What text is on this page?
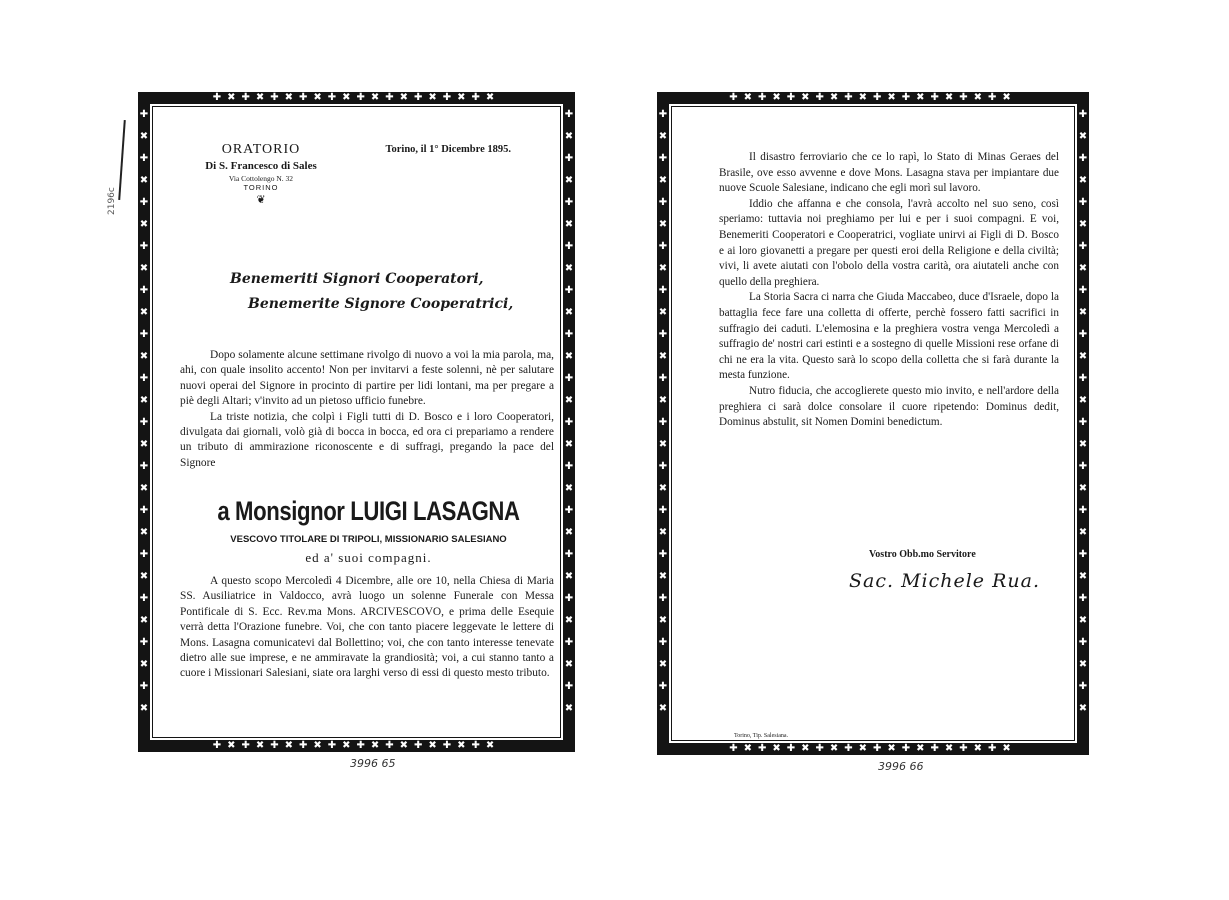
✚✖✚✖✚✖✚✖✚✖✚✖✚✖✚✖✚✖✚✖
✚✖✚✖✚✖✚✖✚✖✚✖✚✖✚✖✚✖✚✖
✚✖✚✖✚✖✚✖✚✖✚✖✚✖✚✖✚✖✚✖✚✖✚✖✚✖✚✖
✚✖✚✖✚✖✚✖✚✖✚✖✚✖✚✖✚✖✚✖✚✖✚✖✚✖✚✖
ORATORIO
Di S. Francesco di Sales
Via Cottolengo N. 32
TORINO
❦
Torino, il 1° Dicembre 1895.
Benemeriti Signori Cooperatori,
Benemerite Signore Cooperatrici,

Dopo solamente alcune settimane rivolgo di nuovo a voi la mia parola, ma, ahi, con quale insolito accento! Non per invitarvi a feste solenni, nè per salutare nuovi operai del Signore in procinto di partire per lidi lontani, ma per pregare a piè degli Altari; v'invito ad un pietoso ufficio funebre.

La triste notizia, che colpì i Figli tutti di D. Bosco e i loro Cooperatori, divulgata dai giornali, volò già di bocca in bocca, ed ora ci prepariamo a rendere un tributo di ammirazione riconoscente e di suffragi, pregando la pace del Signore

a Monsignor LUIGI LASAGNA
VESCOVO TITOLARE DI TRIPOLI, MISSIONARIO SALESIANO
ed a' suoi compagni.

A questo scopo Mercoledì 4 Dicembre, alle ore 10, nella Chiesa di Maria SS. Ausiliatrice in Valdocco, avrà luogo un solenne Funerale con Messa Pontificale di S. Ecc. Rev.ma Mons. ARCIVESCOVO, e prima delle Esequie verrà detta l'Orazione funebre. Voi, che con tanto piacere leggevate le lettere di Mons. Lasagna comunicatevi dal Bollettino; voi, che con tanto interesse tenevate dietro alle sue imprese, e ne ammiravate la grandiosità; voi, a cui stanno tanto a cuore i Missionari Salesiani, siate ora larghi verso di essi di questo mesto tributo.

3996 65
✚✖✚✖✚✖✚✖✚✖✚✖✚✖✚✖✚✖✚✖
✚✖✚✖✚✖✚✖✚✖✚✖✚✖✚✖✚✖✚✖
✚✖✚✖✚✖✚✖✚✖✚✖✚✖✚✖✚✖✚✖✚✖✚✖✚✖✚✖
✚✖✚✖✚✖✚✖✚✖✚✖✚✖✚✖✚✖✚✖✚✖✚✖✚✖✚✖

Il disastro ferroviario che ce lo rapì, lo Stato di Minas Geraes del Brasile, ove esso avvenne e dove Mons. Lasagna stava per impiantare due nuove Scuole Salesiane, indicano che egli morì sul lavoro.

Iddio che affanna e che consola, l'avrà accolto nel suo seno, così speriamo: tuttavia noi preghiamo per lui e per i suoi compagni. E voi, Benemeriti Cooperatori e Cooperatrici, vogliate unirvi ai Figli di D. Bosco e ai loro giovanetti a pregare per questi eroi della Religione e della civiltà; vivi, li avete aiutati con l'obolo della vostra carità, ora aiutateli anche con quello della preghiera.

La Storia Sacra ci narra che Giuda Maccabeo, duce d'Israele, dopo la battaglia fece fare una colletta di offerte, perchè fossero fatti sacrifici in suffragio dei caduti. L'elemosina e la preghiera vostra venga Mercoledì a suffragio de' nostri cari estinti e a sostegno di quelle Missioni rese orfane di chi ne era la vita. Questo sarà lo scopo della colletta che si farà durante la mesta funzione.

Nutro fiducia, che accoglierete questo mio invito, e nell'ardore della preghiera ci sarà dolce consolare il cuore ripetendo: Dominus dedit, Dominus abstulit, sit Nomen Domini benedictum.

Vostro Obb.mo Servitore
Sac. Michele Rua.
Torino, Tip. Salesiana.
3996 66
2196c
